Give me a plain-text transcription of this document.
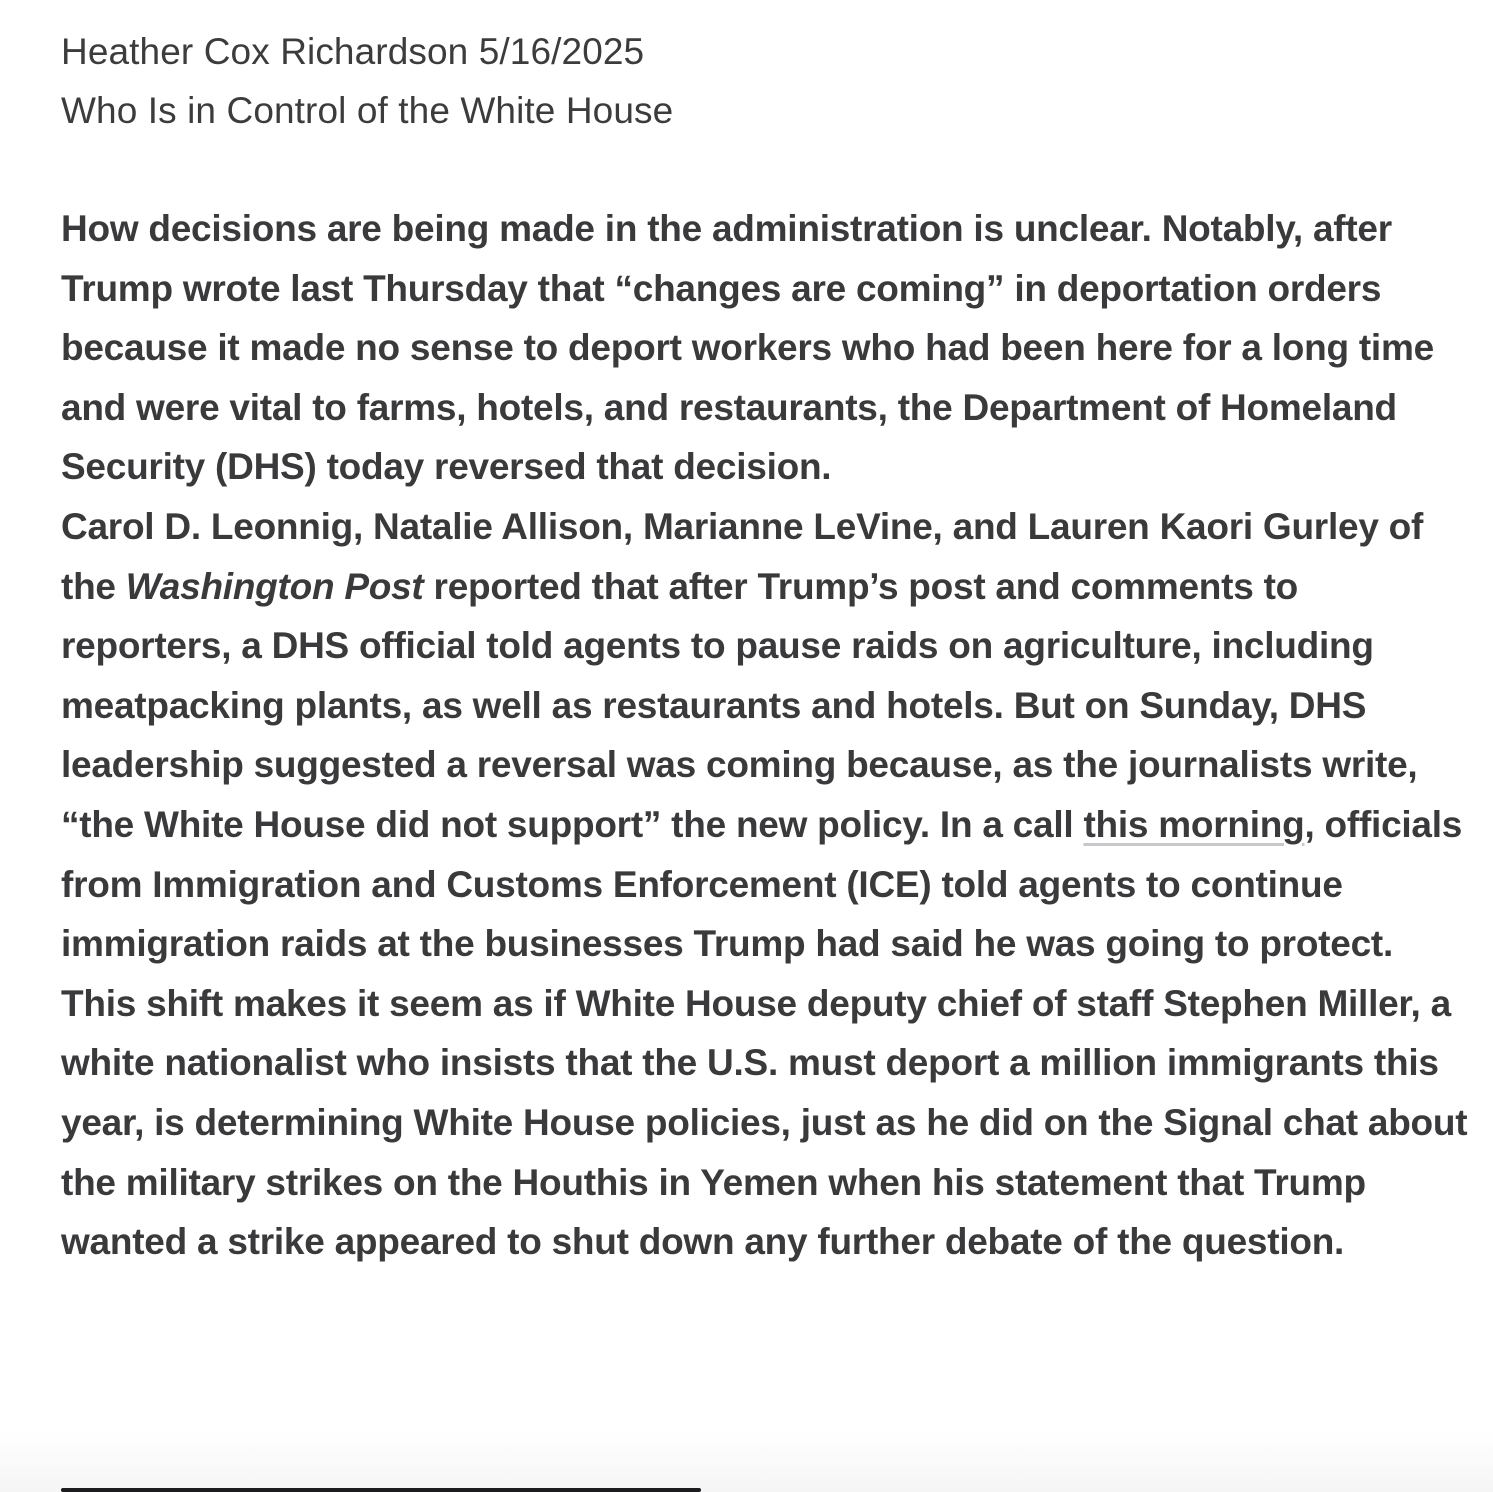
Heather Cox Richardson 5/16/2025
Who Is in Control of the White House

How decisions are being made in the administration is unclear. Notably, after Trump wrote last Thursday that “changes are coming” in deportation orders because it made no sense to deport workers who had been here for a long time and were vital to farms, hotels, and restaurants, the Department of Homeland Security (DHS) today reversed that decision.

Carol D. Leonnig, Natalie Allison, Marianne LeVine, and Lauren Kaori Gurley of the Washington Post reported that after Trump’s post and comments to reporters, a DHS official told agents to pause raids on agriculture, including meatpacking plants, as well as restaurants and hotels. But on Sunday, DHS leadership suggested a reversal was coming because, as the journalists write, “the White House did not support” the new policy. In a call this morning, officials from Immigration and Customs Enforcement (ICE) told agents to continue immigration raids at the businesses Trump had said he was going to protect.

This shift makes it seem as if White House deputy chief of staff Stephen Miller, a white nationalist who insists that the U.S. must deport a million immigrants this year, is determining White House policies, just as he did on the Signal chat about the military strikes on the Houthis in Yemen when his statement that Trump wanted a strike appeared to shut down any further debate of the question.
